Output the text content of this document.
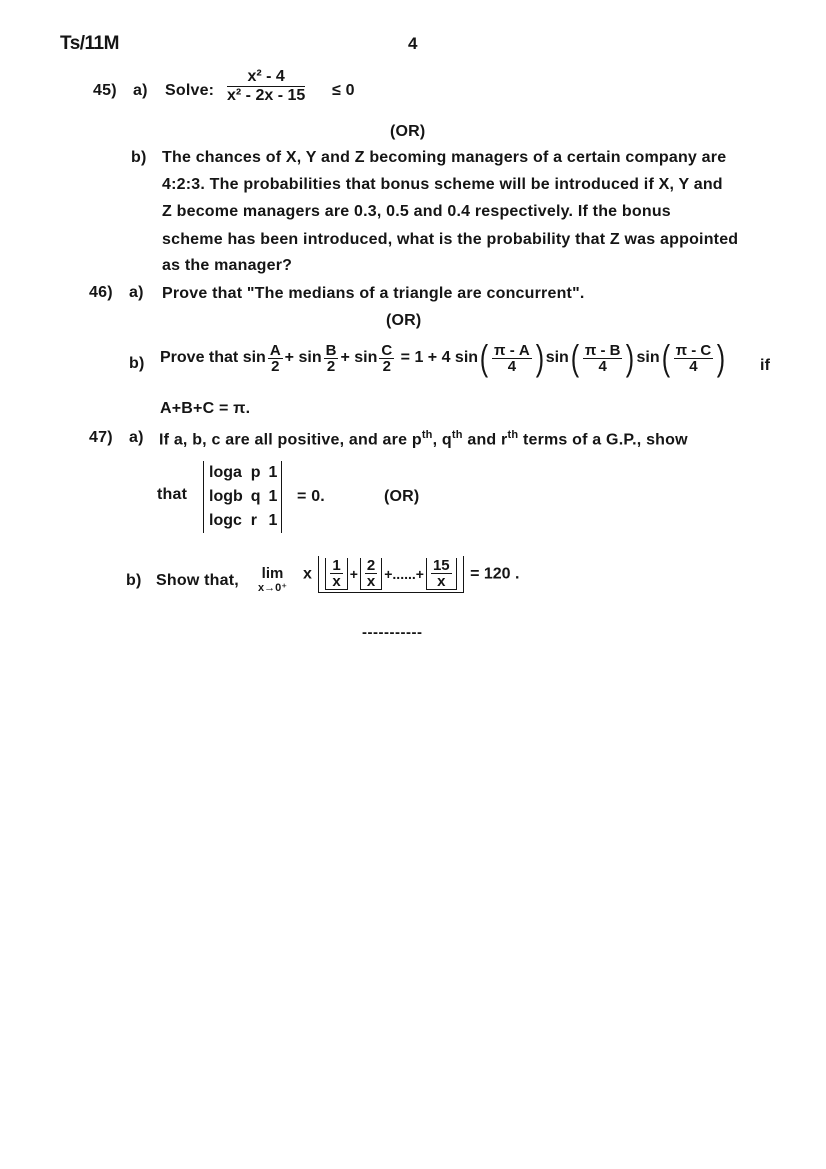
Ts/11M	4
45) a) Solve: $\frac{\text{x² - 4}}{\text{x² - 2x - 15}} \le 0$
(OR)
b) The chances of X, Y and Z becoming managers of a certain company are
4:2:3. The probabilities that bonus scheme will be introduced if X, Y and
Z become managers are 0.3, 0.5 and 0.4 respectively. If the bonus
scheme has been introduced, what is the probability that Z was appointed
as the manager?
46) a) Prove that "The medians of a triangle are concurrent".
(OR)
b) Prove that $\sin \frac{A}{2} + \sin \frac{B}{2} + \sin \frac{C}{2} = 1 + 4$ $\sin( \frac{\pi - A}{4}$ ) $\sin( \frac{\pi - B}{4}$ ) $\sin( \frac{\pi - C}{4}$ ) if
A+B+C = π.
47) a) If a, b, c are all positive, and are $p^{th}$, $q^{th}$ and $r^{th}$ terms of a G.P., show
that
loga	p	1
logb	q	1
logc	r	1
= 0.	(OR)
b) Show that, lim
x→0⁺
x $\frac{1}{x} + \frac{2}{x}$ +......+ $\frac{15}{x} = 120$ .
-----------
